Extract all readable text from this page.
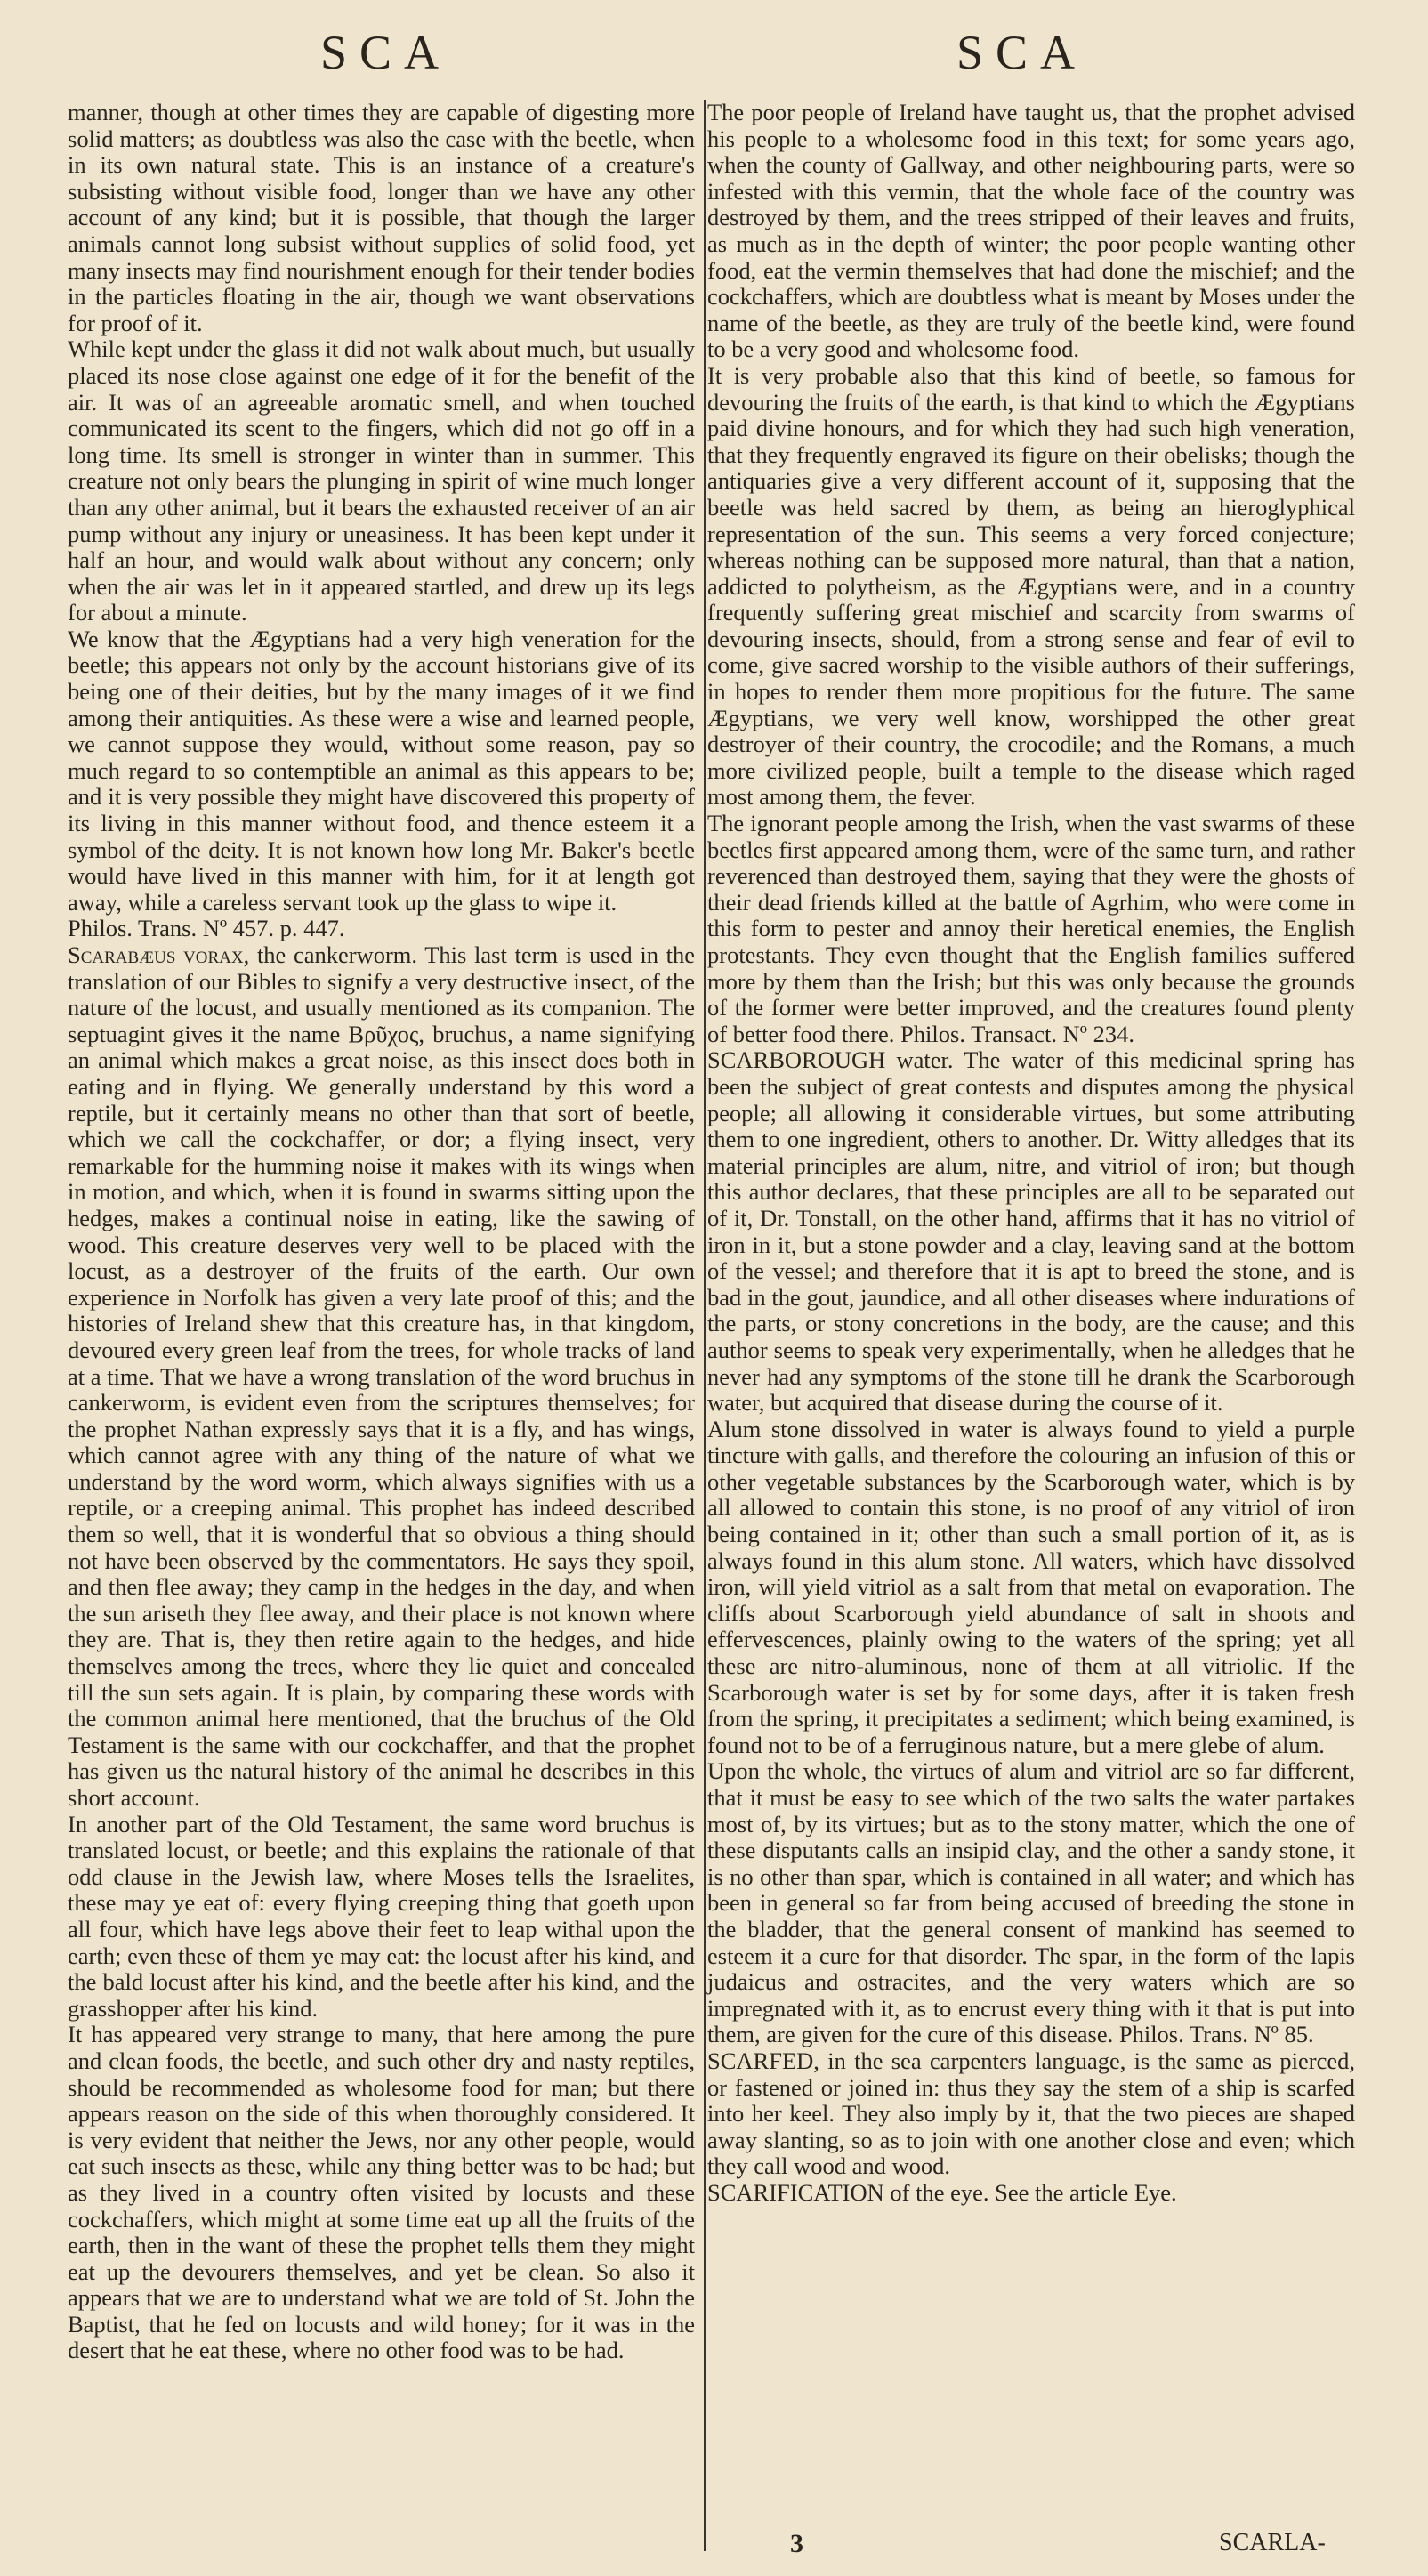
SCA	SCA

manner, though at other times they are capable of digesting more solid matters; as doubtless was also the case with the beetle, when in its own natural state. This is an instance of a creature's subsisting without visible food, longer than we have any other account of any kind; but it is possible, that though the larger animals cannot long subsist without supplies of solid food, yet many insects may find nourishment enough for their tender bodies in the particles floating in the air, though we want observations for proof of it.

While kept under the glass it did not walk about much, but usually placed its nose close against one edge of it for the benefit of the air. It was of an agreeable aromatic smell, and when touched communicated its scent to the fingers, which did not go off in a long time. Its smell is stronger in winter than in summer. This creature not only bears the plunging in spirit of wine much longer than any other animal, but it bears the exhausted receiver of an air pump without any injury or uneasiness. It has been kept under it half an hour, and would walk about without any concern; only when the air was let in it appeared startled, and drew up its legs for about a minute.

We know that the Ægyptians had a very high veneration for the beetle; this appears not only by the account historians give of its being one of their deities, but by the many images of it we find among their antiquities. As these were a wise and learned people, we cannot suppose they would, without some reason, pay so much regard to so contemptible an animal as this appears to be; and it is very possible they might have discovered this property of its living in this manner without food, and thence esteem it a symbol of the deity. It is not known how long Mr. Baker's beetle would have lived in this manner with him, for it at length got away, while a careless servant took up the glass to wipe it.

Philos. Trans. Nº 457. p. 447.

Scarabæus vorax, the cankerworm. This last term is used in the translation of our Bibles to signify a very destructive insect, of the nature of the locust, and usually mentioned as its companion. The septuagint gives it the name Βρῦχος, bruchus, a name signifying an animal which makes a great noise, as this insect does both in eating and in flying. We generally understand by this word a reptile, but it certainly means no other than that sort of beetle, which we call the cockchaffer, or dor; a flying insect, very remarkable for the humming noise it makes with its wings when in motion, and which, when it is found in swarms sitting upon the hedges, makes a continual noise in eating, like the sawing of wood. This creature deserves very well to be placed with the locust, as a destroyer of the fruits of the earth. Our own experience in Norfolk has given a very late proof of this; and the histories of Ireland shew that this creature has, in that kingdom, devoured every green leaf from the trees, for whole tracks of land at a time. That we have a wrong translation of the word bruchus in cankerworm, is evident even from the scriptures themselves; for the prophet Nathan expressly says that it is a fly, and has wings, which cannot agree with any thing of the nature of what we understand by the word worm, which always signifies with us a reptile, or a creeping animal. This prophet has indeed described them so well, that it is wonderful that so obvious a thing should not have been observed by the commentators. He says they spoil, and then flee away; they camp in the hedges in the day, and when the sun ariseth they flee away, and their place is not known where they are. That is, they then retire again to the hedges, and hide themselves among the trees, where they lie quiet and concealed till the sun sets again. It is plain, by comparing these words with the common animal here mentioned, that the bruchus of the Old Testament is the same with our cockchaffer, and that the prophet has given us the natural history of the animal he describes in this short account.

In another part of the Old Testament, the same word bruchus is translated locust, or beetle; and this explains the rationale of that odd clause in the Jewish law, where Moses tells the Israelites, these may ye eat of: every flying creeping thing that goeth upon all four, which have legs above their feet to leap withal upon the earth; even these of them ye may eat: the locust after his kind, and the bald locust after his kind, and the beetle after his kind, and the grasshopper after his kind.

It has appeared very strange to many, that here among the pure and clean foods, the beetle, and such other dry and nasty reptiles, should be recommended as wholesome food for man; but there appears reason on the side of this when thoroughly considered. It is very evident that neither the Jews, nor any other people, would eat such insects as these, while any thing better was to be had; but as they lived in a country often visited by locusts and these cockchaffers, which might at some time eat up all the fruits of the earth, then in the want of these the prophet tells them they might eat up the devourers themselves, and yet be clean. So also it appears that we are to understand what we are told of St. John the Baptist, that he fed on locusts and wild honey; for it was in the desert that he eat these, where no other food was to be had.

The poor people of Ireland have taught us, that the prophet advised his people to a wholesome food in this text; for some years ago, when the county of Gallway, and other neighbouring parts, were so infested with this vermin, that the whole face of the country was destroyed by them, and the trees stripped of their leaves and fruits, as much as in the depth of winter; the poor people wanting other food, eat the vermin themselves that had done the mischief; and the cockchaffers, which are doubtless what is meant by Moses under the name of the beetle, as they are truly of the beetle kind, were found to be a very good and wholesome food.

It is very probable also that this kind of beetle, so famous for devouring the fruits of the earth, is that kind to which the Ægyptians paid divine honours, and for which they had such high veneration, that they frequently engraved its figure on their obelisks; though the antiquaries give a very different account of it, supposing that the beetle was held sacred by them, as being an hieroglyphical representation of the sun. This seems a very forced conjecture; whereas nothing can be supposed more natural, than that a nation, addicted to polytheism, as the Ægyptians were, and in a country frequently suffering great mischief and scarcity from swarms of devouring insects, should, from a strong sense and fear of evil to come, give sacred worship to the visible authors of their sufferings, in hopes to render them more propitious for the future. The same Ægyptians, we very well know, worshipped the other great destroyer of their country, the crocodile; and the Romans, a much more civilized people, built a temple to the disease which raged most among them, the fever.

The ignorant people among the Irish, when the vast swarms of these beetles first appeared among them, were of the same turn, and rather reverenced than destroyed them, saying that they were the ghosts of their dead friends killed at the battle of Agrhim, who were come in this form to pester and annoy their heretical enemies, the English protestants. They even thought that the English families suffered more by them than the Irish; but this was only because the grounds of the former were better improved, and the creatures found plenty of better food there. Philos. Transact. Nº 234.

SCARBOROUGH water. The water of this medicinal spring has been the subject of great contests and disputes among the physical people; all allowing it considerable virtues, but some attributing them to one ingredient, others to another. Dr. Witty alledges that its material principles are alum, nitre, and vitriol of iron; but though this author declares, that these principles are all to be separated out of it, Dr. Tonstall, on the other hand, affirms that it has no vitriol of iron in it, but a stone powder and a clay, leaving sand at the bottom of the vessel; and therefore that it is apt to breed the stone, and is bad in the gout, jaundice, and all other diseases where indurations of the parts, or stony concretions in the body, are the cause; and this author seems to speak very experimentally, when he alledges that he never had any symptoms of the stone till he drank the Scarborough water, but acquired that disease during the course of it.

Alum stone dissolved in water is always found to yield a purple tincture with galls, and therefore the colouring an infusion of this or other vegetable substances by the Scarborough water, which is by all allowed to contain this stone, is no proof of any vitriol of iron being contained in it; other than such a small portion of it, as is always found in this alum stone. All waters, which have dissolved iron, will yield vitriol as a salt from that metal on evaporation. The cliffs about Scarborough yield abundance of salt in shoots and effervescences, plainly owing to the waters of the spring; yet all these are nitro-aluminous, none of them at all vitriolic. If the Scarborough water is set by for some days, after it is taken fresh from the spring, it precipitates a sediment; which being examined, is found not to be of a ferruginous nature, but a mere glebe of alum.

Upon the whole, the virtues of alum and vitriol are so far different, that it must be easy to see which of the two salts the water partakes most of, by its virtues; but as to the stony matter, which the one of these disputants calls an insipid clay, and the other a sandy stone, it is no other than spar, which is contained in all water; and which has been in general so far from being accused of breeding the stone in the bladder, that the general consent of mankind has seemed to esteem it a cure for that disorder. The spar, in the form of the lapis judaicus and ostracites, and the very waters which are so impregnated with it, as to encrust every thing with it that is put into them, are given for the cure of this disease. Philos. Trans. Nº 85.

SCARFED, in the sea carpenters language, is the same as pierced, or fastened or joined in: thus they say the stem of a ship is scarfed into her keel. They also imply by it, that the two pieces are shaped away slanting, so as to join with one another close and even; which they call wood and wood.

SCARIFICATION of the eye. See the article Eye.

3	SCARLA-
